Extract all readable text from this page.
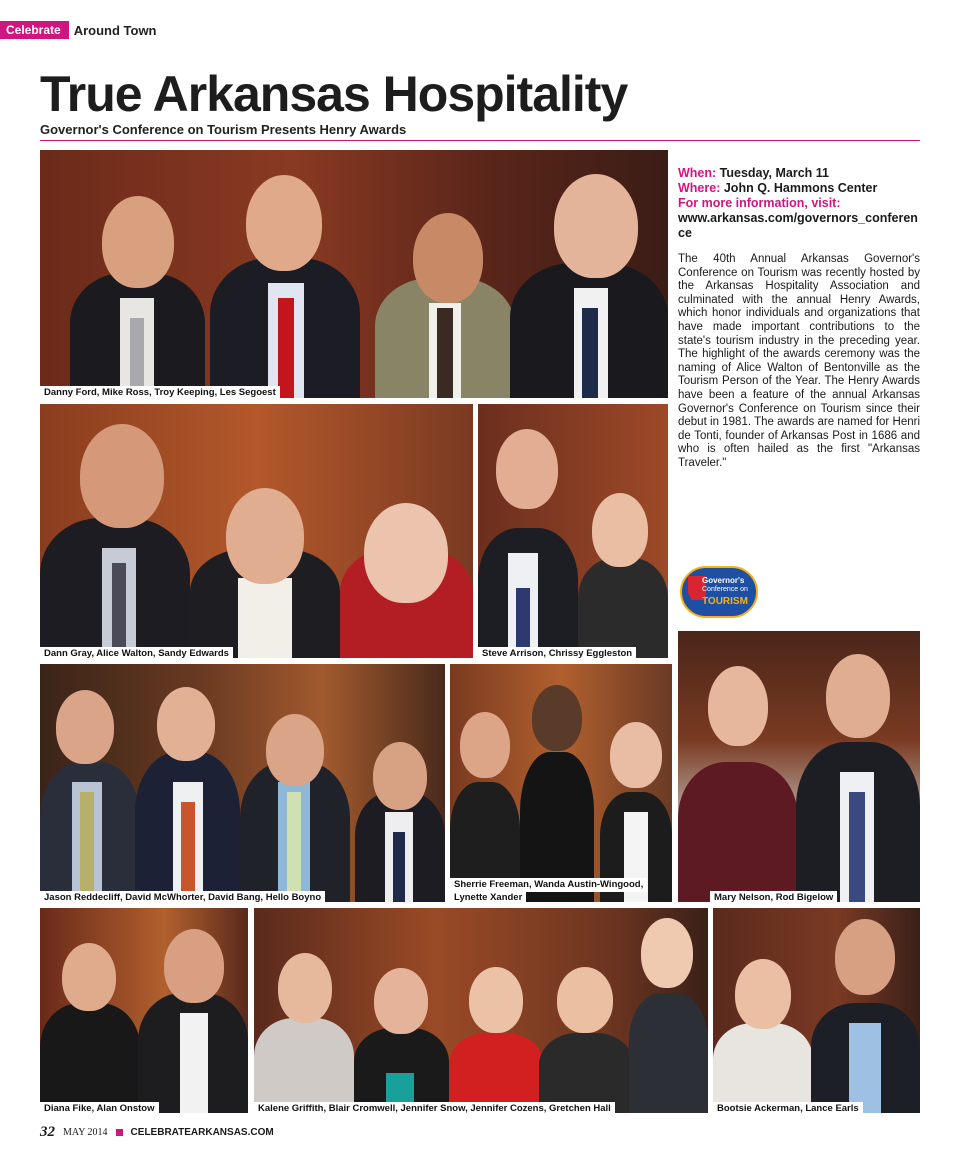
Celebrate	Around Town
True Arkansas Hospitality
Governor's Conference on Tourism Presents Henry Awards
Danny Ford, Mike Ross, Troy Keeping, Les Segoest
Dann Gray, Alice Walton, Sandy Edwards	Steve Arrison, Chrissy Eggleston
When: Tuesday, March 11
Where: John Q. Hammons Center
For more information, visit:
www.arkansas.com/governors_conference

The 40th Annual Arkansas Governor's Conference on Tourism was recently hosted by the Arkansas Hospitality Association and culminated with the annual Henry Awards, which honor individuals and organizations that have made important contributions to the state's tourism industry in the preceding year. The highlight of the awards ceremony was the naming of Alice Walton of Bentonville as the Tourism Person of the Year. The Henry Awards have been a feature of the annual Arkansas Governor's Conference on Tourism since their debut in 1981. The awards are named for Henri de Tonti, founder of Arkansas Post in 1686 and who is often hailed as the first "Arkansas Traveler."

Governor's
Conference on
TOURISM
Jason Reddecliff, David McWhorter, David Bang, Hello Boyno
Sherrie Freeman, Wanda Austin-Wingood,
Lynette Xander	Mary Nelson, Rod Bigelow
Diana Fike, Alan Onstow	Kalene Griffith, Blair Cromwell, Jennifer Snow, Jennifer Cozens, Gretchen Hall	Bootsie Ackerman, Lance Earls
32 MAY 2014 CELEBRATEARKANSAS.COM
